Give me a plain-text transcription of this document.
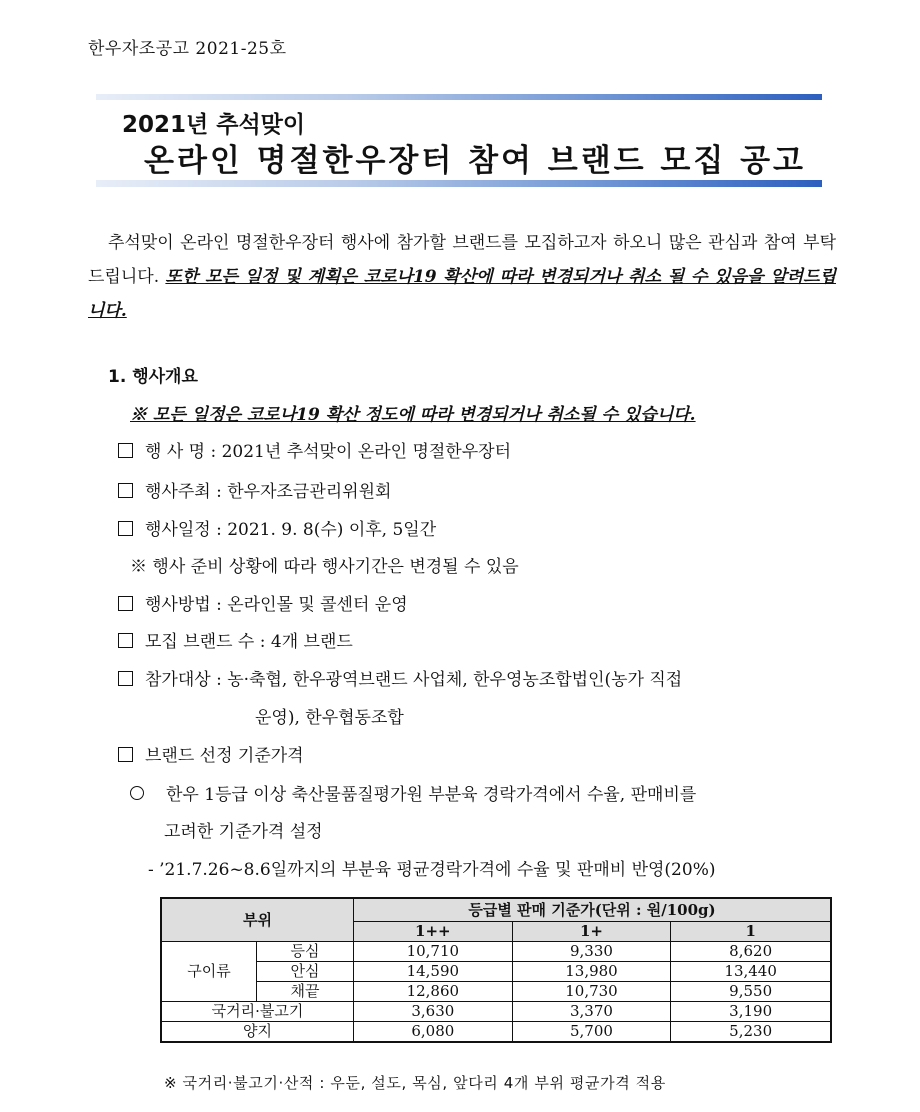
한우자조공고 2021-25호
2021년 추석맞이
온라인 명절한우장터 참여 브랜드 모집 공고
추석맞이 온라인 명절한우장터 행사에 참가할 브랜드를 모집하고자 하오니 많은 관심과 참여 부탁드립니다. 또한 모든 일정 및 계획은 코로나19 확산에 따라 변경되거나 취소 될 수 있음을 알려드립니다.
1. 행사개요
※ 모든 일정은 코로나19 확산 정도에 따라 변경되거나 취소될 수 있습니다.
행 사 명 : 2021년 추석맞이 온라인 명절한우장터
행사주최 : 한우자조금관리위원회
행사일정 : 2021. 9. 8(수) 이후, 5일간
※ 행사 준비 상황에 따라 행사기간은 변경될 수 있음
행사방법 : 온라인몰 및 콜센터 운영
모집 브랜드 수 : 4개 브랜드
참가대상 : 농·축협, 한우광역브랜드 사업체, 한우영농조합법인(농가 직접
운영), 한우협동조합
브랜드 선정 기준가격
한우 1등급 이상 축산물품질평가원 부분육 경락가격에서 수율, 판매비를
고려한 기준가격 설정
- ’21.7.26~8.6일까지의 부분육 평균경락가격에 수율 및 판매비 반영(20%)
부위		등급별 판매 기준가(단위 : 원/100g)		
		1++	1+	1
구이류	등심	10,710	9,330	8,620
	안심	14,590	13,980	13,440
	채끝	12,860	10,730	9,550
국거리·불고기		3,630	3,370	3,190
양지		6,080	5,700	5,230
※ 국거리·불고기·산적 : 우둔, 설도, 목심, 앞다리 4개 부위 평균가격 적용
